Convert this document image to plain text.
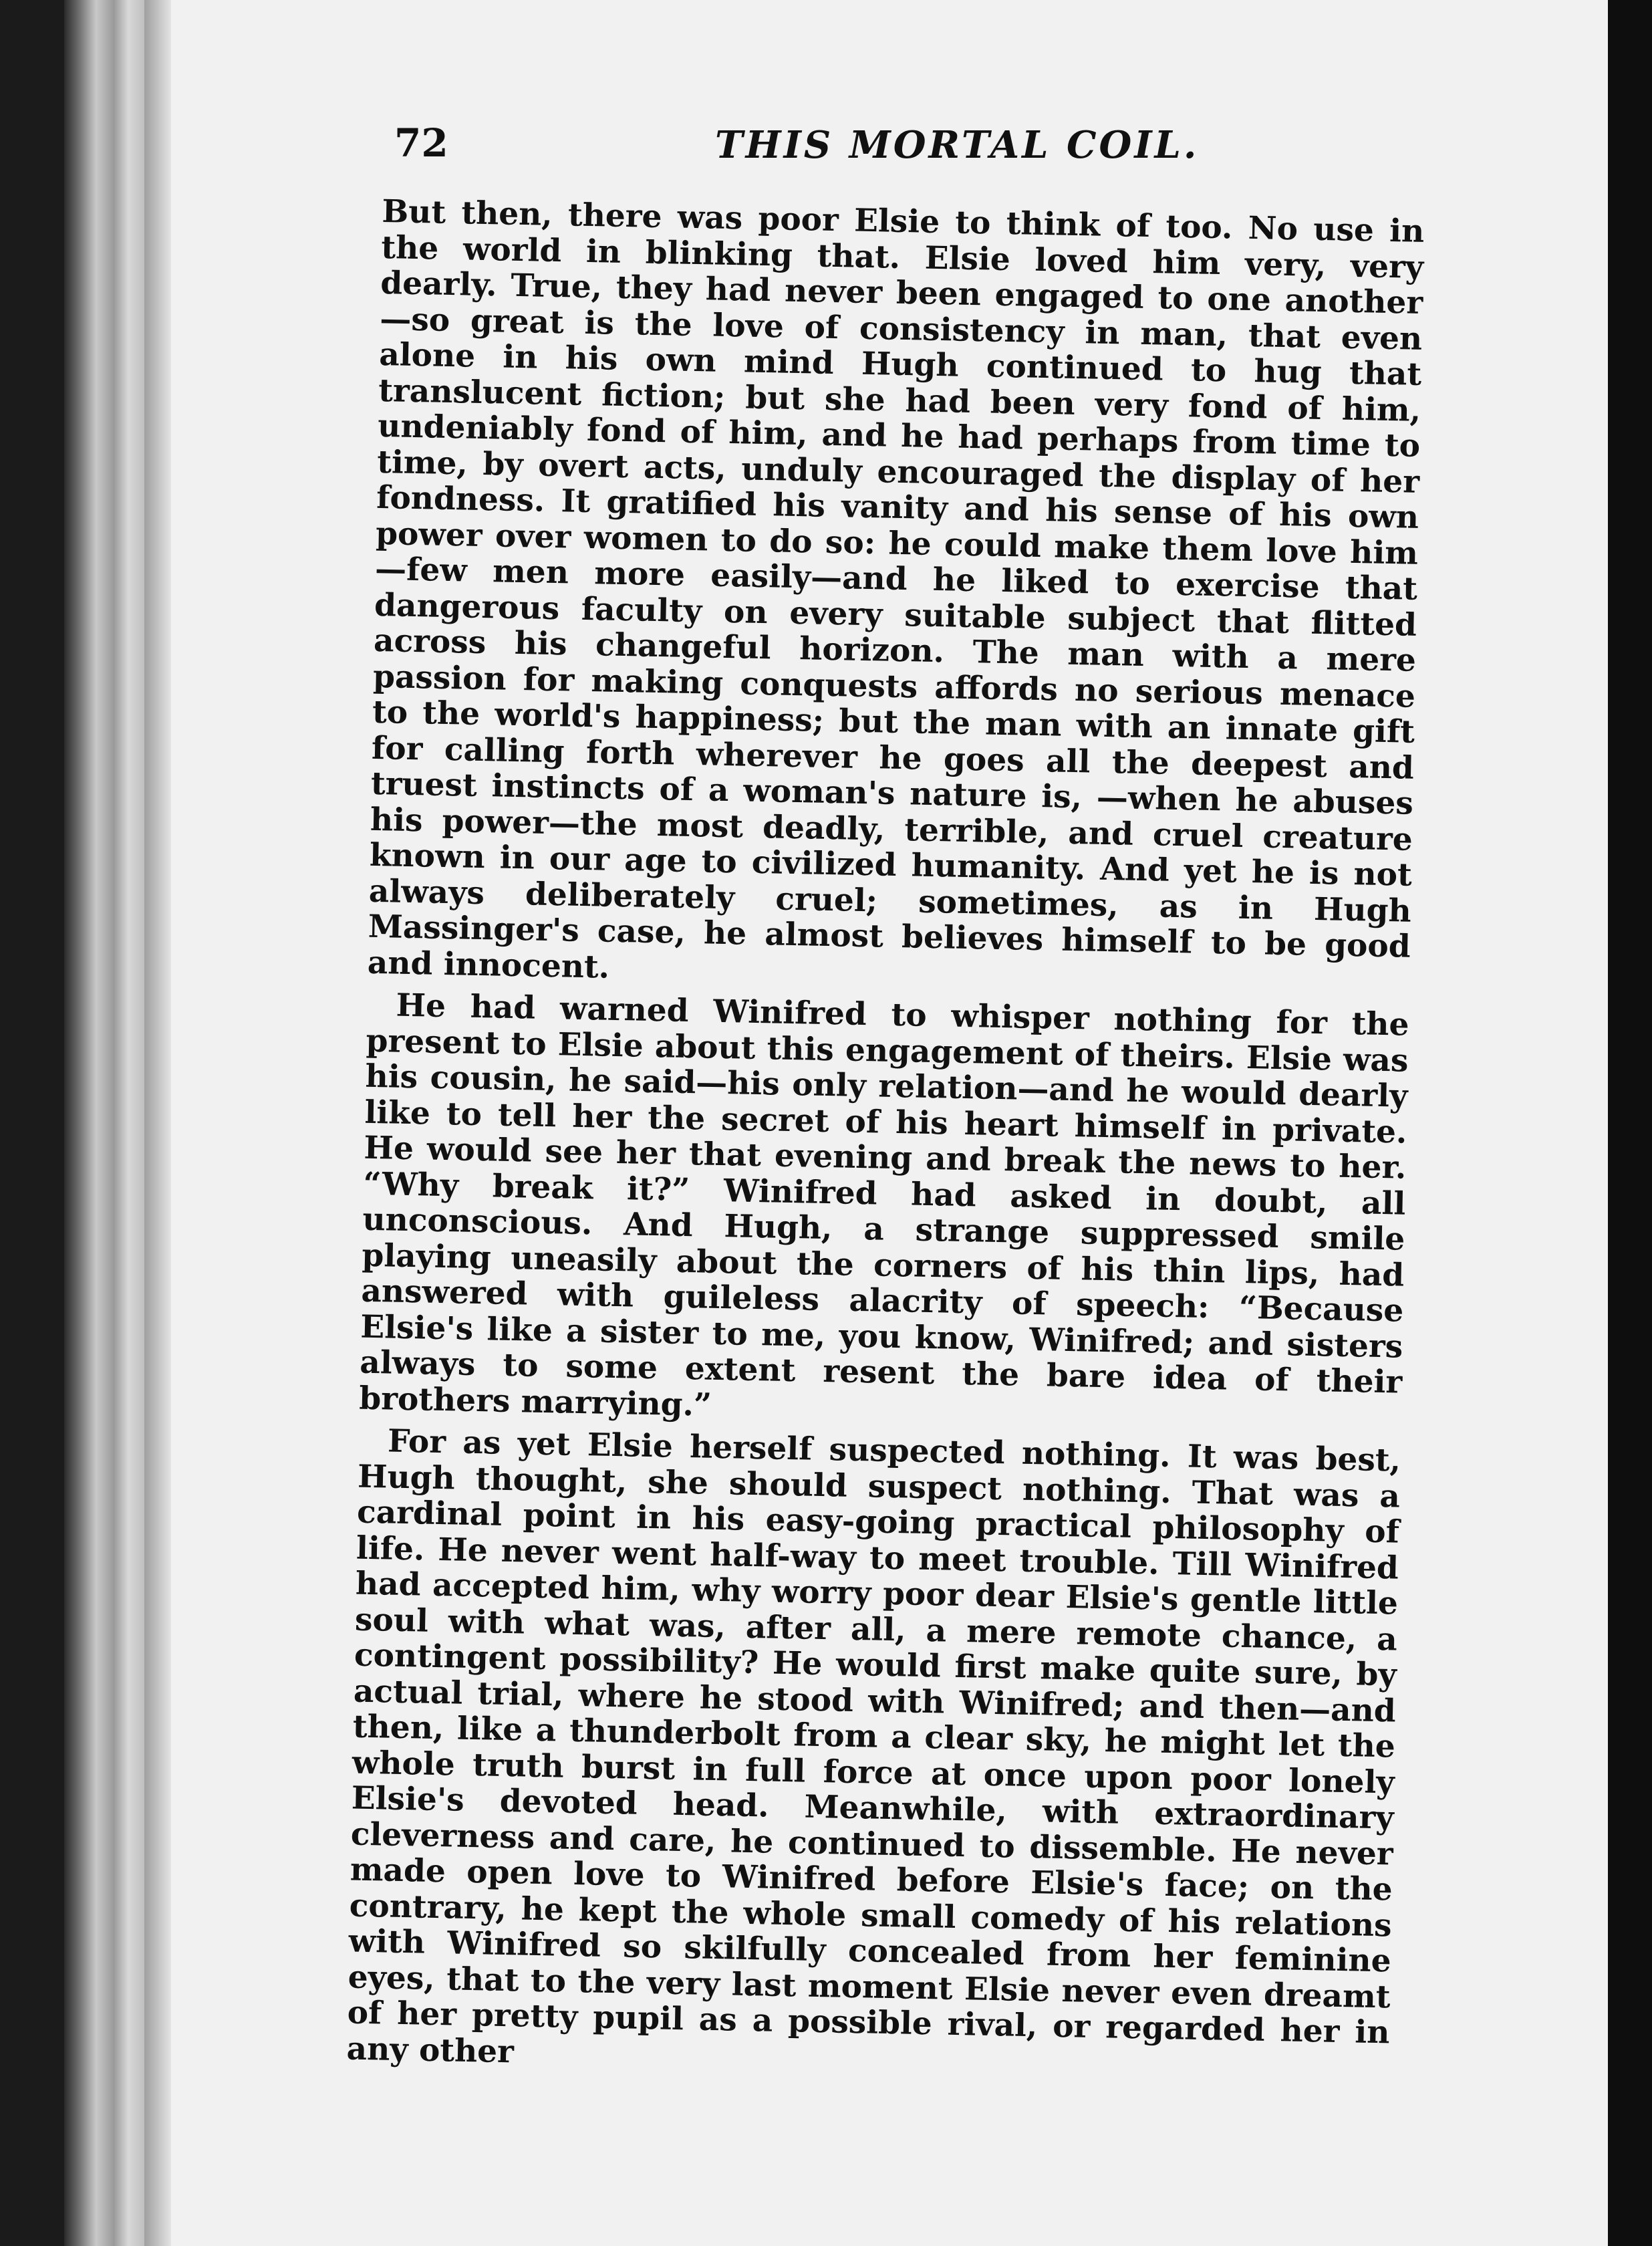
72	THIS MORTAL COIL.

But then, there was poor Elsie to think of too. No use in the world in blinking that. Elsie loved him very, very dearly. True, they had never been engaged to one another—so great is the love of consistency in man, that even alone in his own mind Hugh continued to hug that translucent fiction; but she had been very fond of him, undeniably fond of him, and he had perhaps from time to time, by overt acts, unduly encouraged the display of her fondness. It gratified his vanity and his sense of his own power over women to do so: he could make them love him—few men more easily—and he liked to exercise that dangerous faculty on every suitable subject that flitted across his changeful horizon. The man with a mere passion for making conquests affords no serious menace to the world's happiness; but the man with an innate gift for calling forth wherever he goes all the deepest and truest instincts of a woman's nature is, —when he abuses his power—the most deadly, terrible, and cruel creature known in our age to civilized humanity. And yet he is not always deliberately cruel; sometimes, as in Hugh Massinger's case, he almost believes himself to be good and innocent.

He had warned Winifred to whisper nothing for the present to Elsie about this engagement of theirs. Elsie was his cousin, he said—his only relation—and he would dearly like to tell her the secret of his heart himself in private. He would see her that evening and break the news to her. “Why break it?” Winifred had asked in doubt, all unconscious. And Hugh, a strange suppressed smile playing uneasily about the corners of his thin lips, had answered with guileless alacrity of speech: “Because Elsie's like a sister to me, you know, Winifred; and sisters always to some extent resent the bare idea of their brothers marrying.”

For as yet Elsie herself suspected nothing. It was best, Hugh thought, she should suspect nothing. That was a cardinal point in his easy-going practical philosophy of life. He never went half-way to meet trouble. Till Winifred had accepted him, why worry poor dear Elsie's gentle little soul with what was, after all, a mere remote chance, a contingent possibility? He would first make quite sure, by actual trial, where he stood with Winifred; and then—and then, like a thunderbolt from a clear sky, he might let the whole truth burst in full force at once upon poor lonely Elsie's devoted head. Meanwhile, with extraordinary cleverness and care, he continued to dissemble. He never made open love to Winifred before Elsie's face; on the contrary, he kept the whole small comedy of his relations with Winifred so skilfully concealed from her feminine eyes, that to the very last moment Elsie never even dreamt of her pretty pupil as a possible rival, or regarded her in any other
